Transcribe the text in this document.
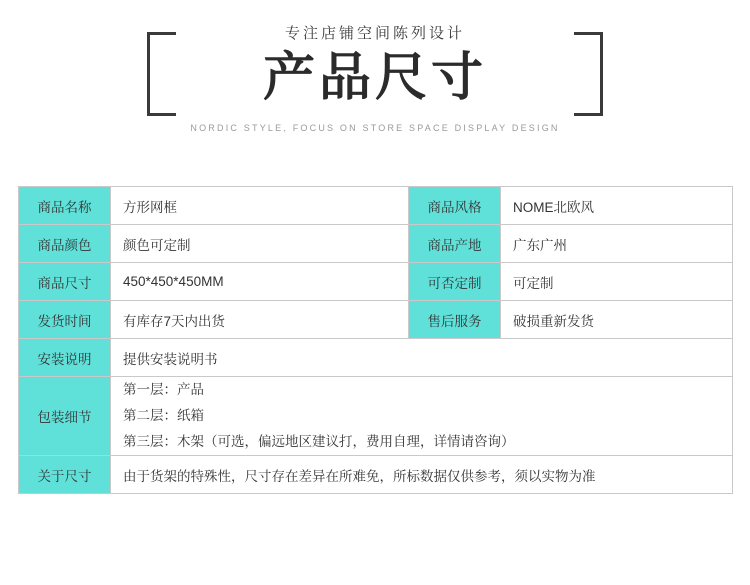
专注店铺空间陈列设计
产品尺寸
NORDIC STYLE, FOCUS ON STORE SPACE DISPLAY DESIGN
商品名称	方形网框	商品风格	NOME北欧风
商品颜色	颜色可定制	商品产地	广东广州
商品尺寸	450*450*450MM	可否定制	可定制
发货时间	有库存7天内出货	售后服务	破损重新发货
安装说明	提供安装说明书		
包装细节	第一层：产品
第二层：纸箱
第三层：木架（可选，偏远地区建议打，费用自理，详情请咨询）		

关于尺寸	由于货架的特殊性，尺寸存在差异在所难免，所标数据仅供参考，须以实物为准		
